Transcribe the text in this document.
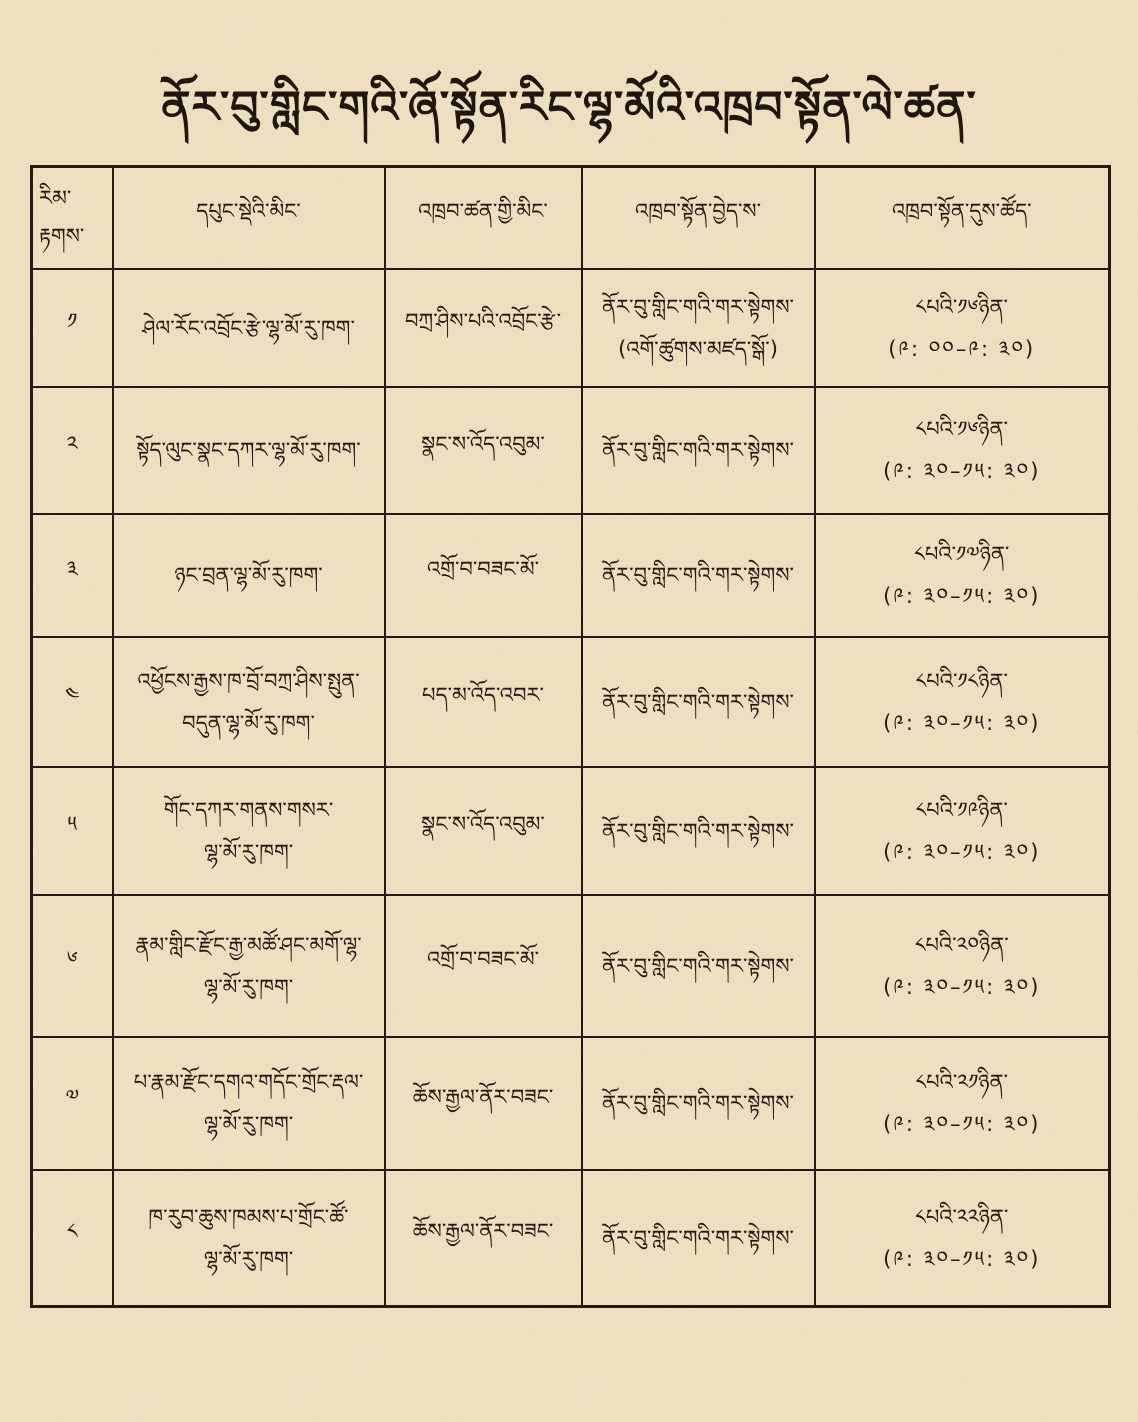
ནོར་བུ་གླིང་གའི་ཞོ་སྟོན་རིང་ལྷ་མོའི་འཁྲབ་སྟོན་ལེ་ཚན་
རིམ་
རྟགས་	དཔུང་སྡེའི་མིང་	འཁྲབ་ཚན་གྱི་མིང་	འཁྲབ་སྟོན་བྱེད་ས་	འཁྲབ་སྟོན་དུས་ཚོད་
༡	ཤེལ་རོང་འབྲོང་རྩེ་ལྷ་མོ་རུ་ཁག་	བཀྲ་ཤིས་པའི་འབྲོང་རྩེ་	ནོར་བུ་གླིང་གའི་གར་སྟེགས་
(འགོ་ཚུགས་མཛད་སྒོ་)	༨པའི་༡༦ཉིན་
(༩: ༠༠–༩: ༣༠)

༢	སྟོད་ལུང་སྣང་དཀར་ལྷ་མོ་རུ་ཁག་	སྣང་ས་འོད་འབུམ་	ནོར་བུ་གླིང་གའི་གར་སྟེགས་	༨པའི་༡༦ཉིན་
(༩: ༣༠–༡༥: ༣༠)

༣	ཉང་བྲན་ལྷ་མོ་རུ་ཁག་	འགྲོ་བ་བཟང་མོ་	ནོར་བུ་གླིང་གའི་གར་སྟེགས་	༨པའི་༡༧ཉིན་
(༩: ༣༠–༡༥: ༣༠)

༤	འཕྱོངས་རྒྱས་ཁ་བྲོ་བཀྲ་ཤིས་སྤུན་
བདུན་ལྷ་མོ་རུ་ཁག་	པད་མ་འོད་འབར་	ནོར་བུ་གླིང་གའི་གར་སྟེགས་	༨པའི་༡༨ཉིན་
(༩: ༣༠–༡༥: ༣༠)

༥	གོང་དཀར་གནས་གསར་
ལྷ་མོ་རུ་ཁག་	སྣང་ས་འོད་འབུམ་	ནོར་བུ་གླིང་གའི་གར་སྟེགས་	༨པའི་༡༩ཉིན་
(༩: ༣༠–༡༥: ༣༠)

༦	རྣམ་གླིང་རྫོང་རྒྱ་མཚོ་ཤང་མགོ་ལྷ་
ལྷ་མོ་རུ་ཁག་	འགྲོ་བ་བཟང་མོ་	ནོར་བུ་གླིང་གའི་གར་སྟེགས་	༨པའི་༢༠ཉིན་
(༩: ༣༠–༡༥: ༣༠)

༧	པ་རྣམ་རྫོང་དགའ་གདོང་གྲོང་རྡལ་
ལྷ་མོ་རུ་ཁག་	ཆོས་རྒྱལ་ནོར་བཟང་	ནོར་བུ་གླིང་གའི་གར་སྟེགས་	༨པའི་༢༡ཉིན་
(༩: ༣༠–༡༥: ༣༠)

༨	ཁ་རུབ་ཆུས་ཁམས་པ་གྲོང་ཚོ་
ལྷ་མོ་རུ་ཁག་	ཆོས་རྒྱལ་ནོར་བཟང་	ནོར་བུ་གླིང་གའི་གར་སྟེགས་	༨པའི་༢༢ཉིན་
(༩: ༣༠–༡༥: ༣༠)
